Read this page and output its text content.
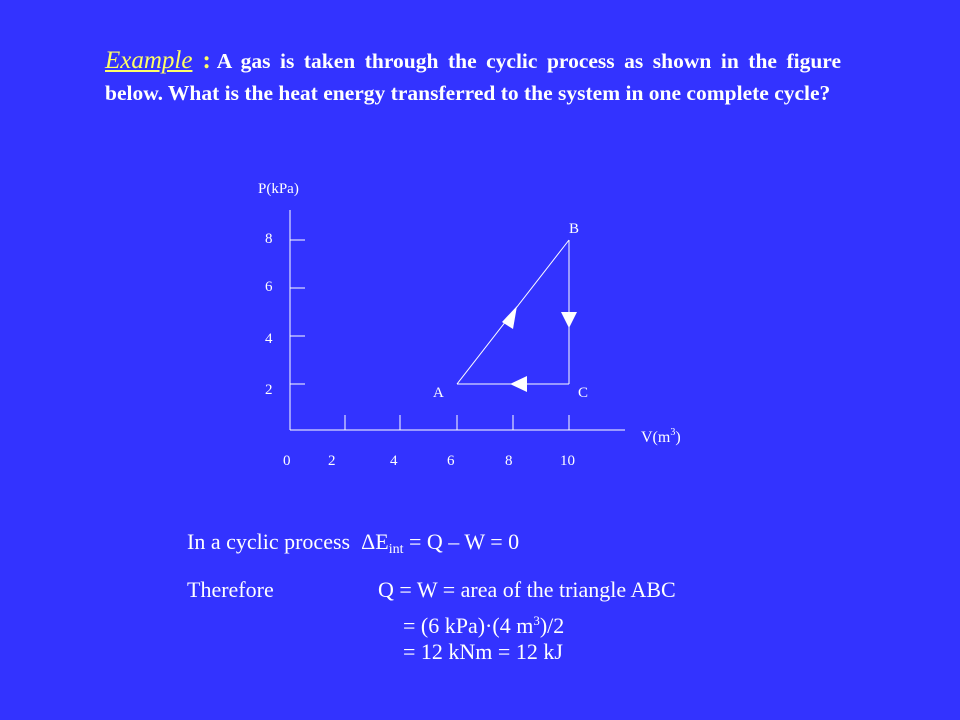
Example : A gas is taken through the cyclic process as shown in the figure below. What is the heat energy transferred to the system in one complete cycle?
P(kPa)
$V(m^3)$
8
6
4
2
0	2	4	6	8	10
A
B
C
In a cyclic process $\Delta E_{int} = Q - W = 0$
Therefore	Q = W = area of the triangle ABC
= (6 kPa)·(4 $m^3)/2$
= 12 kNm = 12 kJ
